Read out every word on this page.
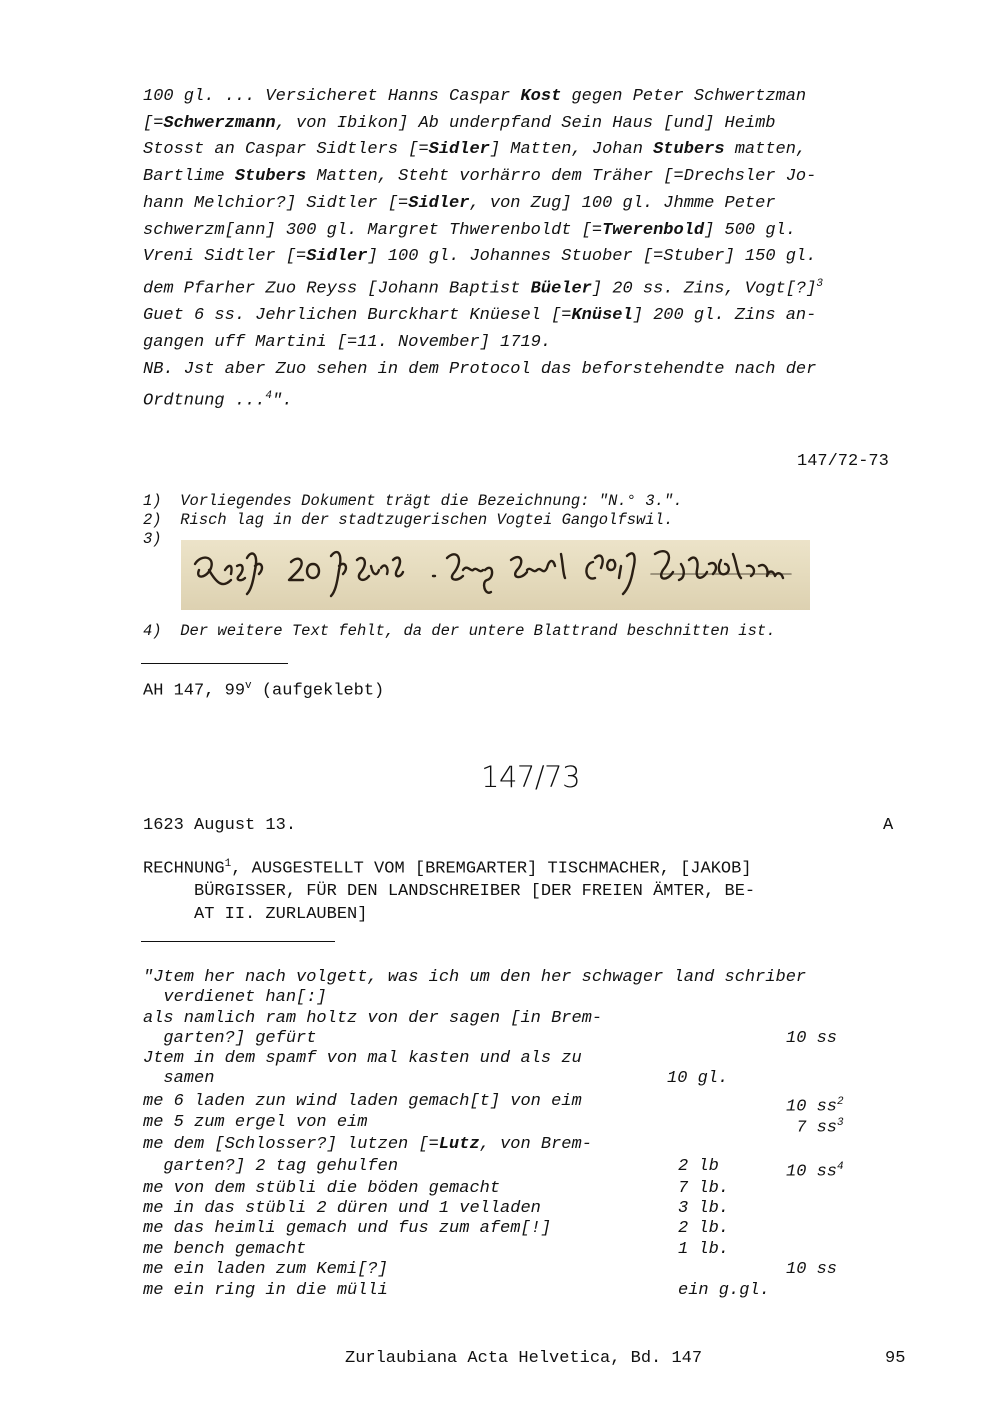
100 gl. ... Versicheret Hanns Caspar Kost gegen Peter Schwertzman

[=Schwerzmann, von Ibikon] Ab underpfand Sein Haus [und] Heimb

Stosst an Caspar Sidtlers [=Sidler] Matten, Johan Stubers matten,

Bartlime Stubers Matten, Steht vorhärro dem Träher [=Drechsler Jo-

hann Melchior?] Sidtler [=Sidler, von Zug] 100 gl. Jhmme Peter

schwerzm[ann] 300 gl. Margret Thwerenboldt [=Twerenbold] 500 gl.

Vreni Sidtler [=Sidler] 100 gl. Johannes Stuober [=Stuber] 150 gl.

dem Pfarher Zuo Reyss [Johann Baptist Büeler] 20 ss. Zins, Vogt[?]$^3$

Guet 6 ss. Jehrlichen Burckhart Knüesel [=Knüsel] 200 gl. Zins an-

gangen uff Martini [=11. November] 1719.

NB. Jst aber Zuo sehen in dem Protocol das beforstehendte nach der

Ordtnung ...$^4$".

147/72-73

1) Vorliegendes Dokument trägt die Bezeichnung: "N.° 3.".

2) Risch lag in der stadtzugerischen Vogtei Gangolfswil.

3)

4) Der weitere Text fehlt, da der untere Blattrand beschnitten ist.

AH 147, 99$^v$ (aufgeklebt)
147/73
1623 August 13.	A

RECHNUNG$^1$, AUSGESTELLT VOM [BREMGARTER] TISCHMACHER, [JAKOB]

BÜRGISSER, FÜR DEN LANDSCHREIBER [DER FREIEN ÄMTER, BE-

AT II. ZURLAUBEN]

"Jtem her nach volgett, was ich um den her schwager land schriber
verdienet han[:]
als namlich ram holtz von der sagen [in Brem-
garten?] gefürt	10 ss
Jtem in dem spamf von mal kasten und als zu
samen	10 gl.
me 6 laden zun wind laden gemach[t] von eim	10 $ss^2$
me 5 zum ergel von eim	7 $ss^3$
me dem [Schlosser?] lutzen [=Lutz, von Brem-
garten?] 2 tag gehulfen	2 lb	10 $ss^4$
me von dem stübli die böden gemacht	7 lb.
me in das stübli 2 düren und 1 velladen	3 lb.
me das heimli gemach und fus zum afem[!]	2 lb.
me bench gemacht	1 lb.
me ein laden zum Kemi[?]	10 ss
me ein ring in die mülli	ein g.gl.
Zurlaubiana Acta Helvetica, Bd. 147	95
